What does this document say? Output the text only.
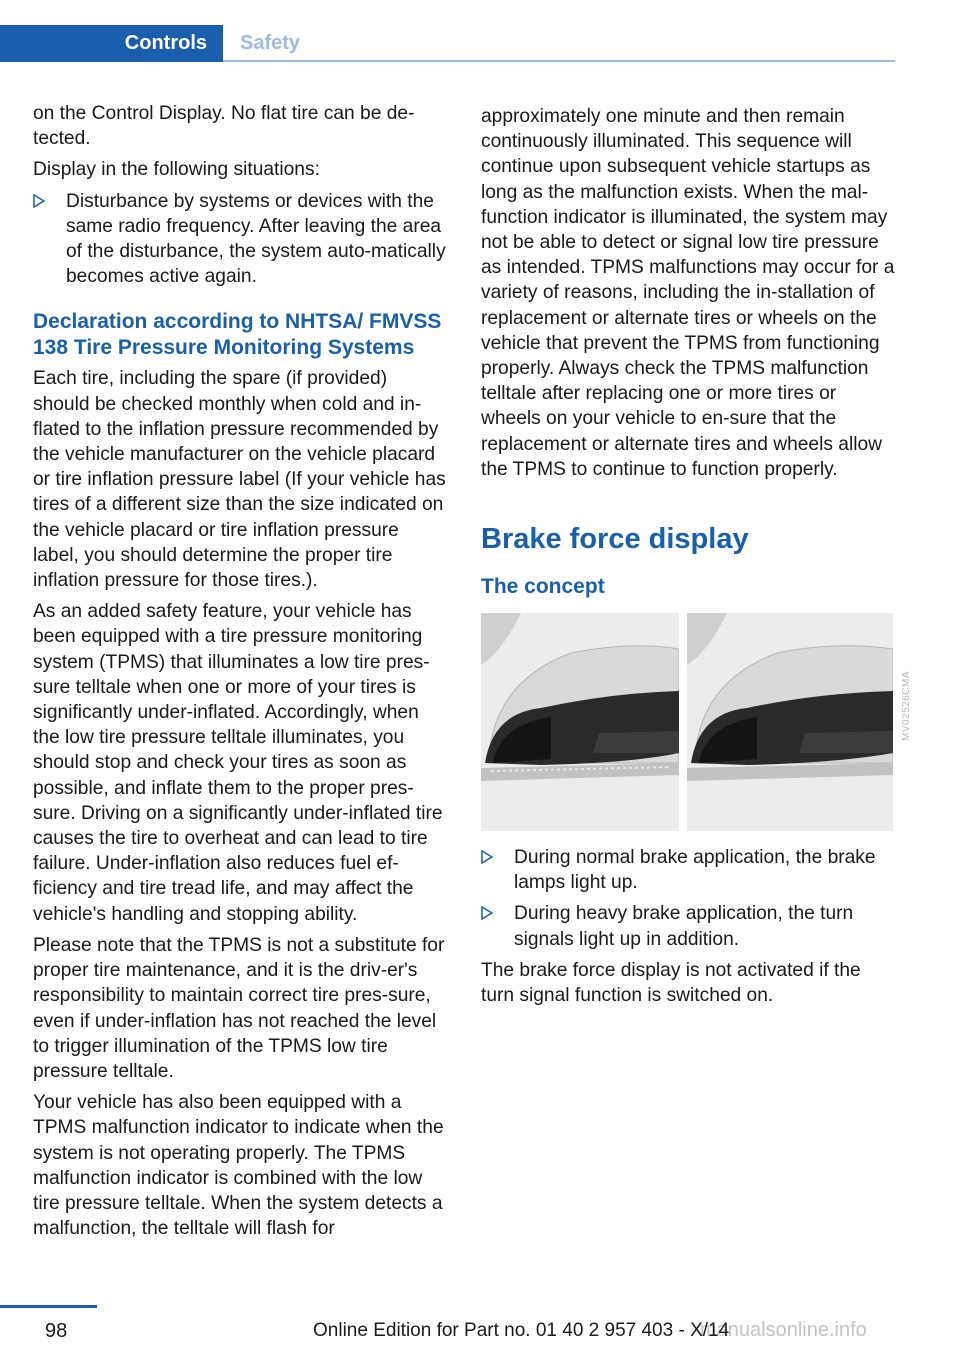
Controls	Safety

on the Control Display. No flat tire can be de‐tected.

Display in the following situations:

Disturbance by systems or devices with the same radio frequency. After leaving the area of the disturbance, the system auto‐matically becomes active again.
Declaration according to NHTSA/ FMVSS 138 Tire Pressure Monitoring Systems

Each tire, including the spare (if provided) should be checked monthly when cold and in‐flated to the inflation pressure recommended by the vehicle manufacturer on the vehicle placard or tire inflation pressure label (If your vehicle has tires of a different size than the size indicated on the vehicle placard or tire inflation pressure label, you should determine the proper tire inflation pressure for those tires.).

As an added safety feature, your vehicle has been equipped with a tire pressure monitoring system (TPMS) that illuminates a low tire pres‐sure telltale when one or more of your tires is significantly under-inflated. Accordingly, when the low tire pressure telltale illuminates, you should stop and check your tires as soon as possible, and inflate them to the proper pres‐sure. Driving on a significantly under-inflated tire causes the tire to overheat and can lead to tire failure. Under-inflation also reduces fuel ef‐ficiency and tire tread life, and may affect the vehicle's handling and stopping ability.

Please note that the TPMS is not a substitute for proper tire maintenance, and it is the driv‐er's responsibility to maintain correct tire pres‐sure, even if under-inflation has not reached the level to trigger illumination of the TPMS low tire pressure telltale.

Your vehicle has also been equipped with a TPMS malfunction indicator to indicate when the system is not operating properly. The TPMS malfunction indicator is combined with the low tire pressure telltale. When the system detects a malfunction, the telltale will flash for

approximately one minute and then remain continuously illuminated. This sequence will continue upon subsequent vehicle startups as long as the malfunction exists. When the mal‐function indicator is illuminated, the system may not be able to detect or signal low tire pressure as intended. TPMS malfunctions may occur for a variety of reasons, including the in‐stallation of replacement or alternate tires or wheels on the vehicle that prevent the TPMS from functioning properly. Always check the TPMS malfunction telltale after replacing one or more tires or wheels on your vehicle to en‐sure that the replacement or alternate tires and wheels allow the TPMS to continue to function properly.

Brake force display
The concept
MV02526CMA
During normal brake application, the brake lamps light up.
During heavy brake application, the turn signals light up in addition.

The brake force display is not activated if the turn signal function is switched on.

98	manualsonline.info
Online Edition for Part no. 01 40 2 957 403 - X/14
